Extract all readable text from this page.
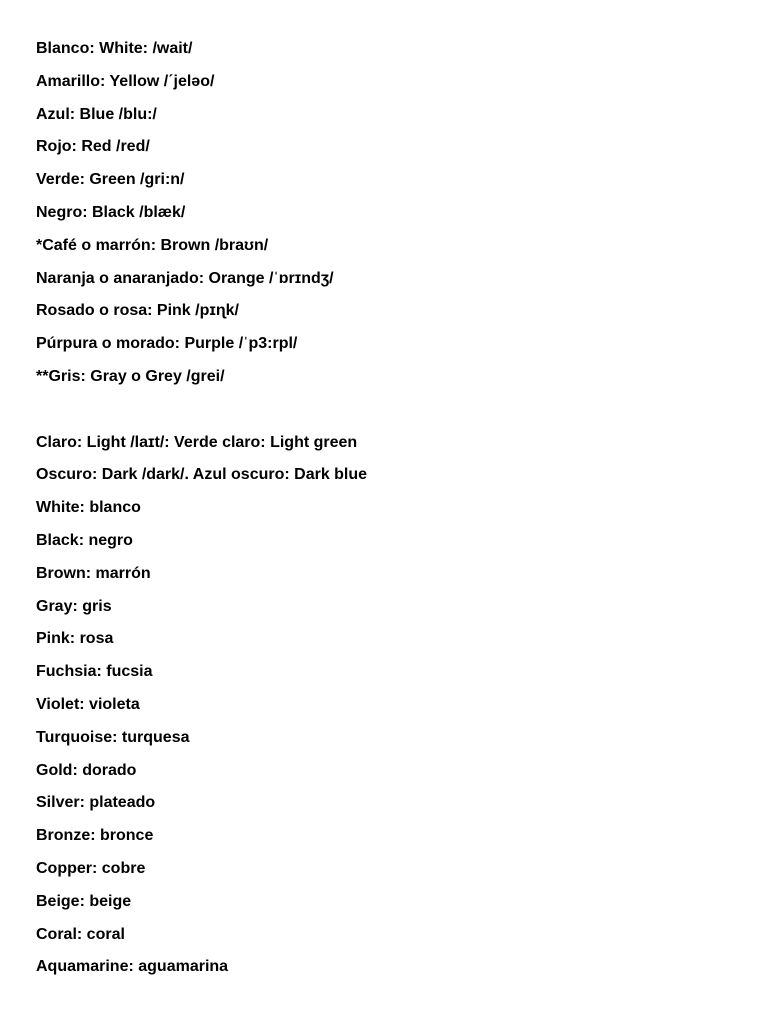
Blanco: White: /wait/
Amarillo: Yellow /ˊjeləo/
Azul: Blue /blu:/
Rojo: Red /red/
Verde: Green /gri:n/
Negro: Black /blæk/
*Café o marrón: Brown /braʊn/
Naranja o anaranjado: Orange /ˈɒrɪndʒ/
Rosado o rosa: Pink /pɪɳk/
Púrpura o morado: Purple /ˈp3:rpl/
**Gris: Gray o Grey /grei/
Claro: Light /laɪt/: Verde claro: Light green
Oscuro: Dark /dark/. Azul oscuro: Dark blue
White: blanco
Black: negro
Brown: marrón
Gray: gris
Pink: rosa
Fuchsia: fucsia
Violet: violeta
Turquoise: turquesa
Gold: dorado
Silver: plateado
Bronze: bronce
Copper: cobre
Beige: beige
Coral: coral
Aquamarine: aguamarina
